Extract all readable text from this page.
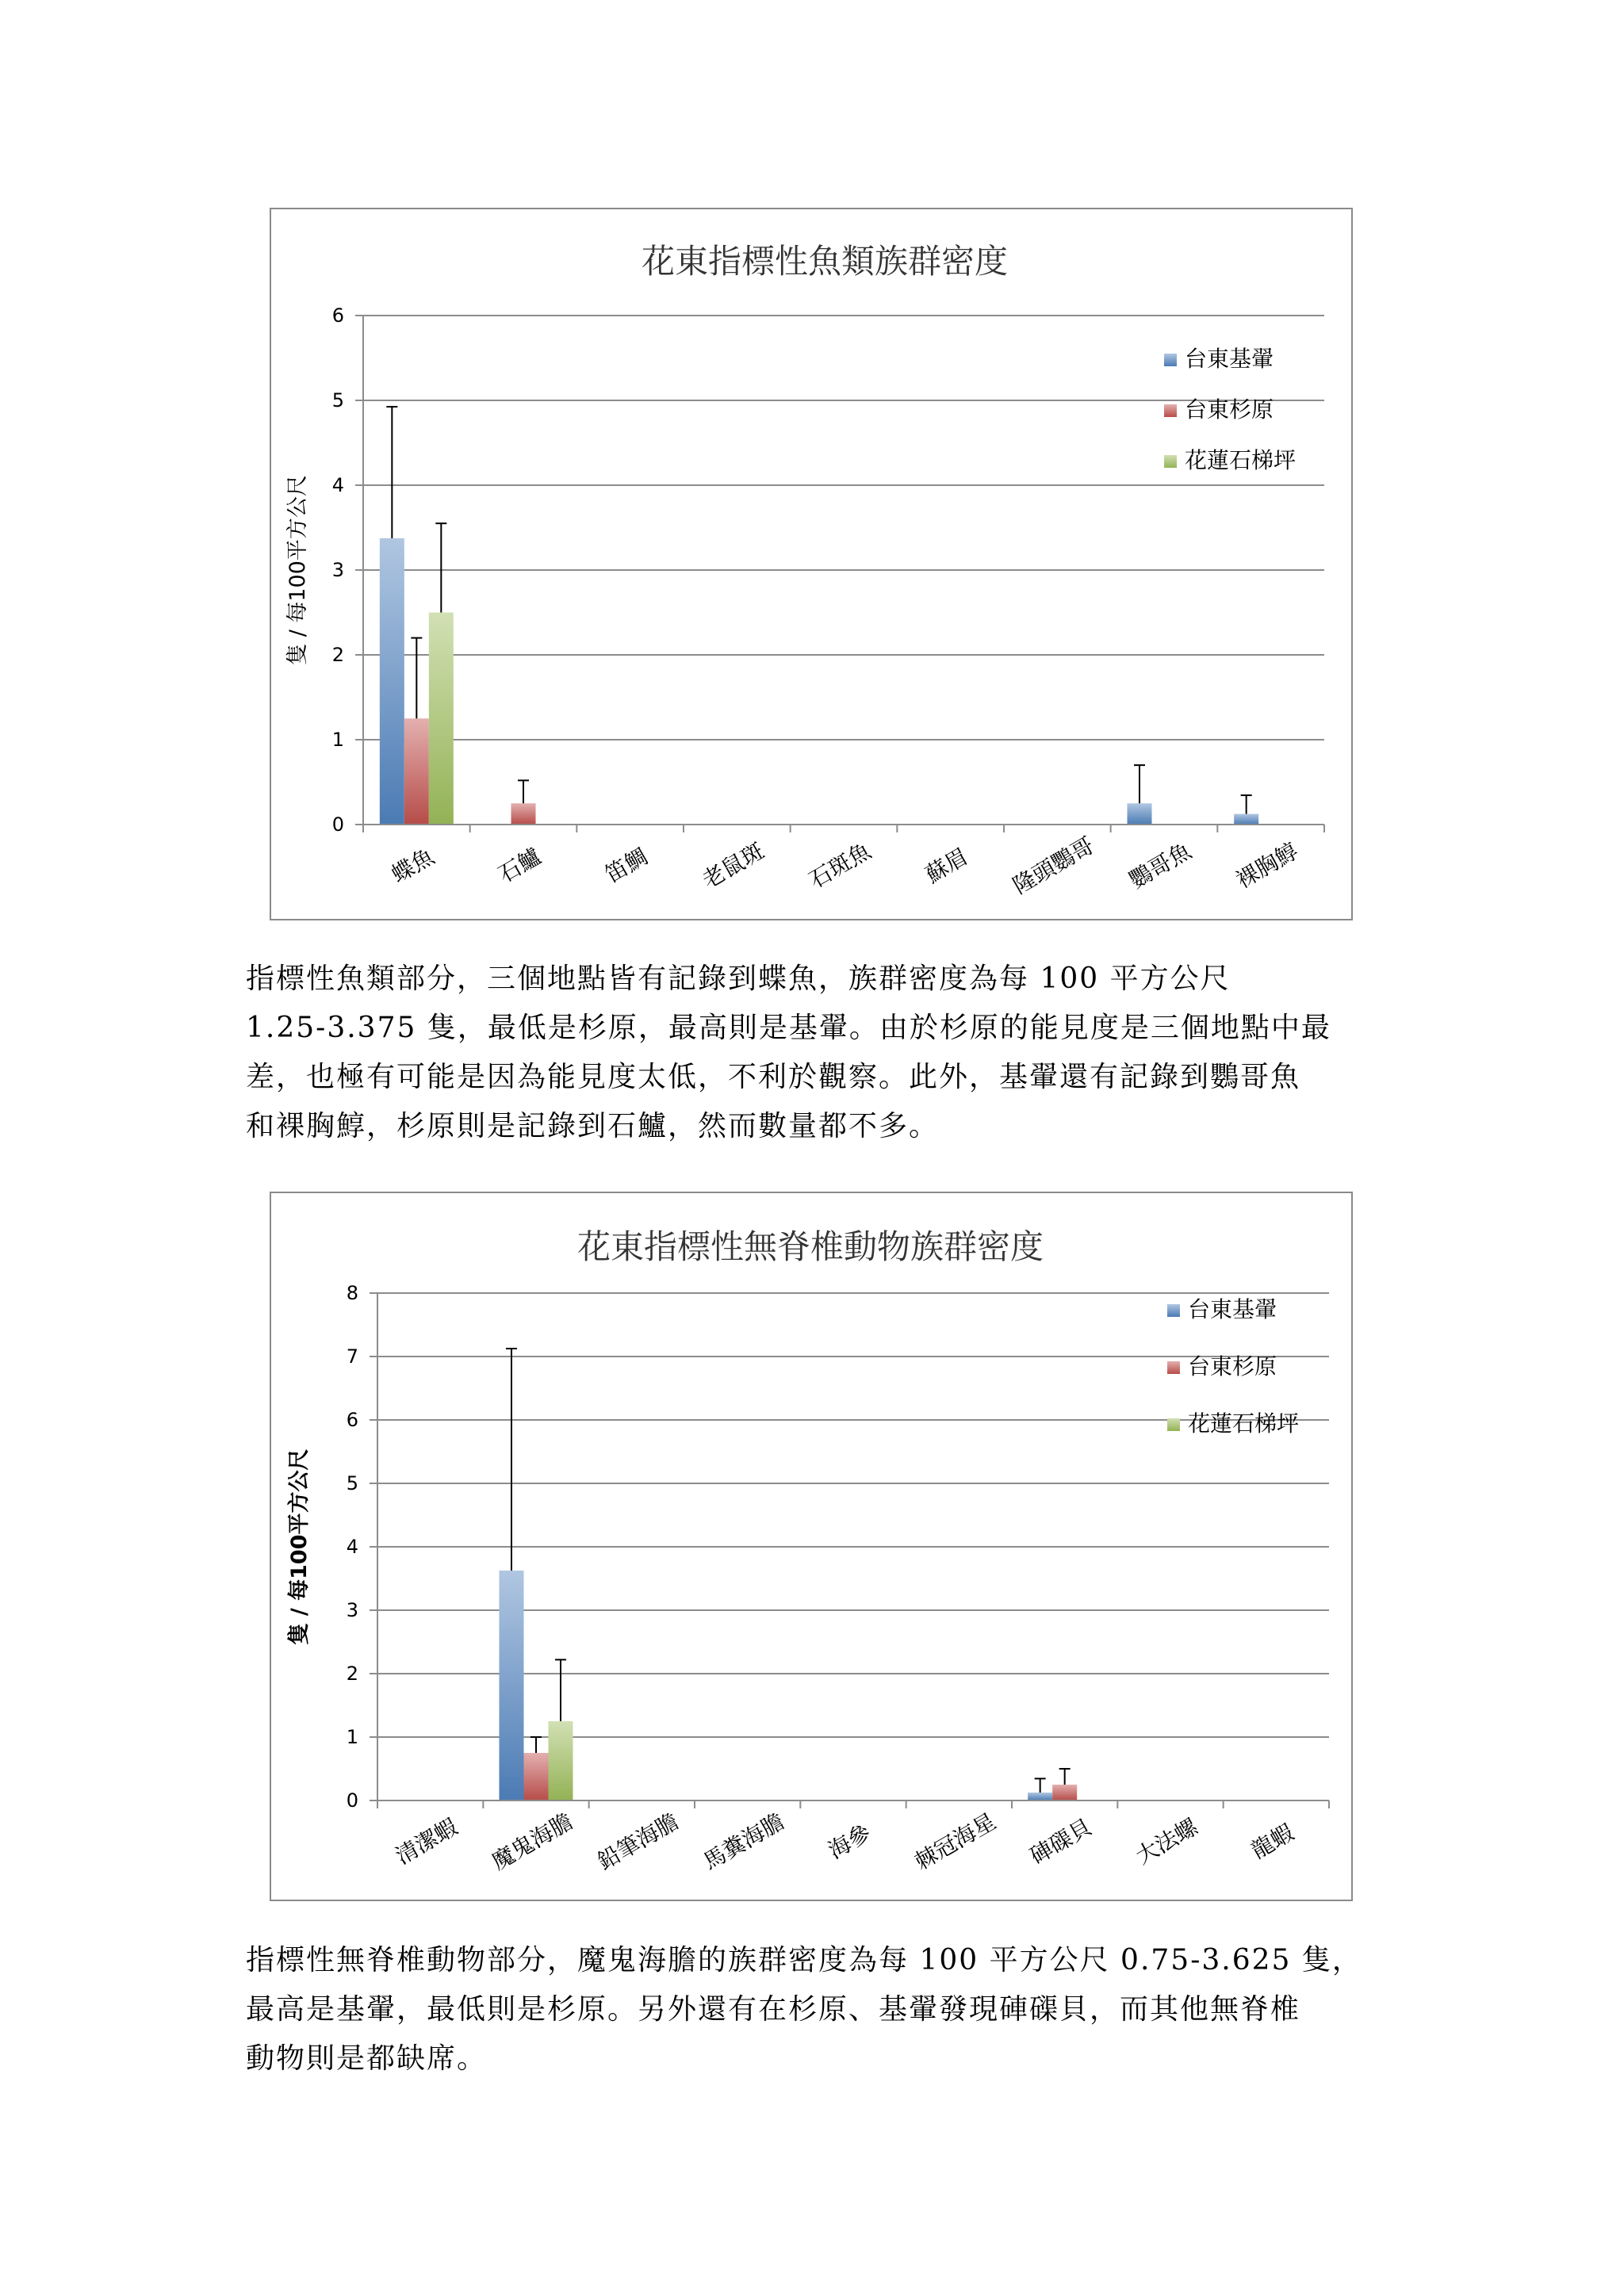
花東指標性魚類族群密度
0
1
2
3
4
5
6
隻 / 每100平方公尺
蝶魚 石鱸 笛鯛 老鼠斑 石斑魚 蘇眉 隆頭鸚哥 鸚哥魚 裸胸鯙
台東基翬
台東杉原
花蓮石梯坪
指標性魚類部分，三個地點皆有記錄到蝶魚，族群密度為每 100 平方公尺
1.25-3.375 隻，最低是杉原，最高則是基翬。由於杉原的能見度是三個地點中最
差，也極有可能是因為能見度太低，不利於觀察。此外，基翬還有記錄到鸚哥魚
和裸胸鯙，杉原則是記錄到石鱸，然而數量都不多。
花東指標性無脊椎動物族群密度
0
1
2
3
4
5
6
7
8
隻 / 每100平方公尺
清潔蝦 魔鬼海膽 鉛筆海膽 馬糞海膽 海參 棘冠海星 硨磲貝 大法螺 龍蝦
台東基翬
台東杉原
花蓮石梯坪
指標性無脊椎動物部分，魔鬼海膽的族群密度為每 100 平方公尺 0.75-3.625 隻，
最高是基翬，最低則是杉原。另外還有在杉原、基翬發現硨磲貝，而其他無脊椎
動物則是都缺席。
